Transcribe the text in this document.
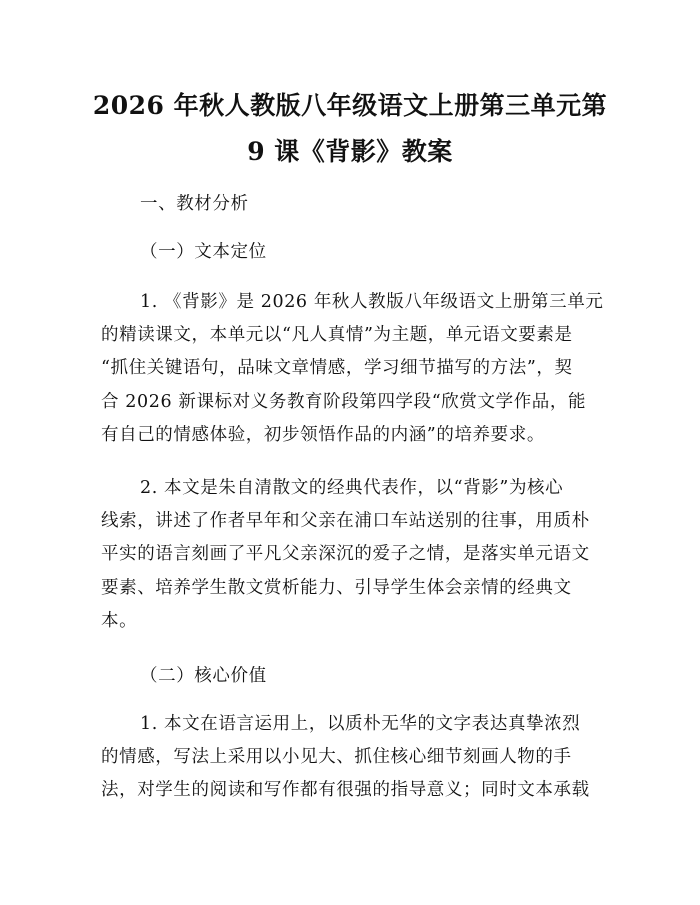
2026 年秋人教版八年级语文上册第三单元第
9 课《背影》教案
一、教材分析
（一）文本定位
1. 《背影》是 2026 年秋人教版八年级语文上册第三单元
的精读课文，本单元以“凡人真情”为主题，单元语文要素是
“抓住关键语句，品味文章情感，学习细节描写的方法”，契
合 2026 新课标对义务教育阶段第四学段“欣赏文学作品，能
有自己的情感体验，初步领悟作品的内涵”的培养要求。
2. 本文是朱自清散文的经典代表作，以“背影”为核心
线索，讲述了作者早年和父亲在浦口车站送别的往事，用质朴
平实的语言刻画了平凡父亲深沉的爱子之情，是落实单元语文
要素、培养学生散文赏析能力、引导学生体会亲情的经典文
本。
（二）核心价值
1. 本文在语言运用上，以质朴无华的文字表达真挚浓烈
的情感，写法上采用以小见大、抓住核心细节刻画人物的手
法，对学生的阅读和写作都有很强的指导意义；同时文本承载
